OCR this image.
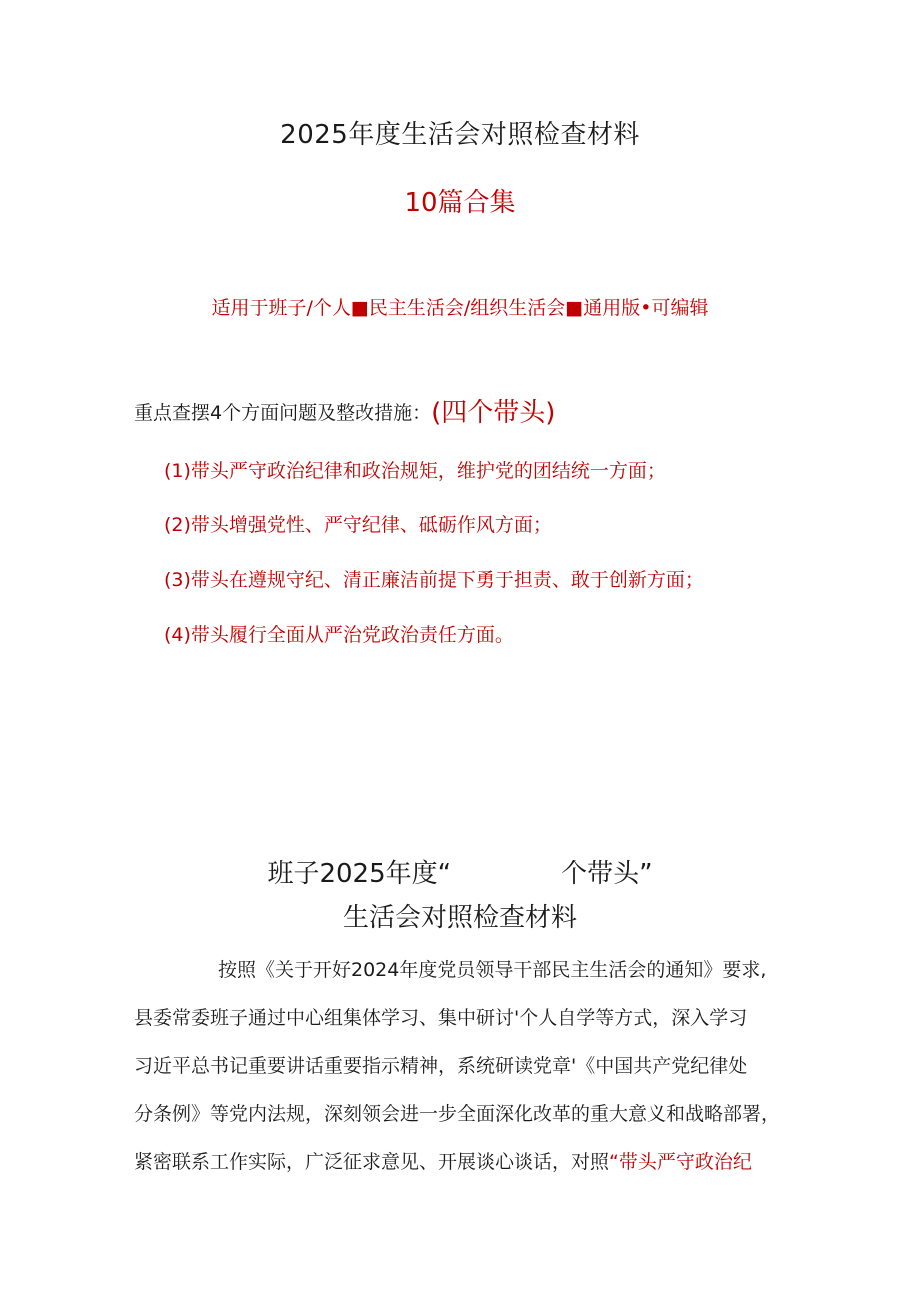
2025年度生活会对照检查材料
10篇合集
适用于班子/个人■民主生活会/组织生活会■通用版•可编辑
重点查摆4个方面问题及整改措施：(四个带头)
(1)带头严守政治纪律和政治规矩，维护党的团结统一方面；
(2)带头增强党性、严守纪律、砥砺作风方面；
(3)带头在遵规守纪、清正廉洁前提下勇于担责、敢于创新方面；
(4)带头履行全面从严治党政治责任方面。
班子2025年度“	个带头”
生活会对照检查材料
按照《关于开好2024年度党员领导干部民主生活会的通知》要求,
县委常委班子通过中心组集体学习、集中研讨'个人自学等方式，深入学习
习近平总书记重要讲话重要指示精神，系统研读党章'《中国共产党纪律处
分条例》等党内法规，深刻领会进一步全面深化改革的重大意义和战略部署，
紧密联系工作实际，广泛征求意见、开展谈心谈话，对照“带头严守政治纪
